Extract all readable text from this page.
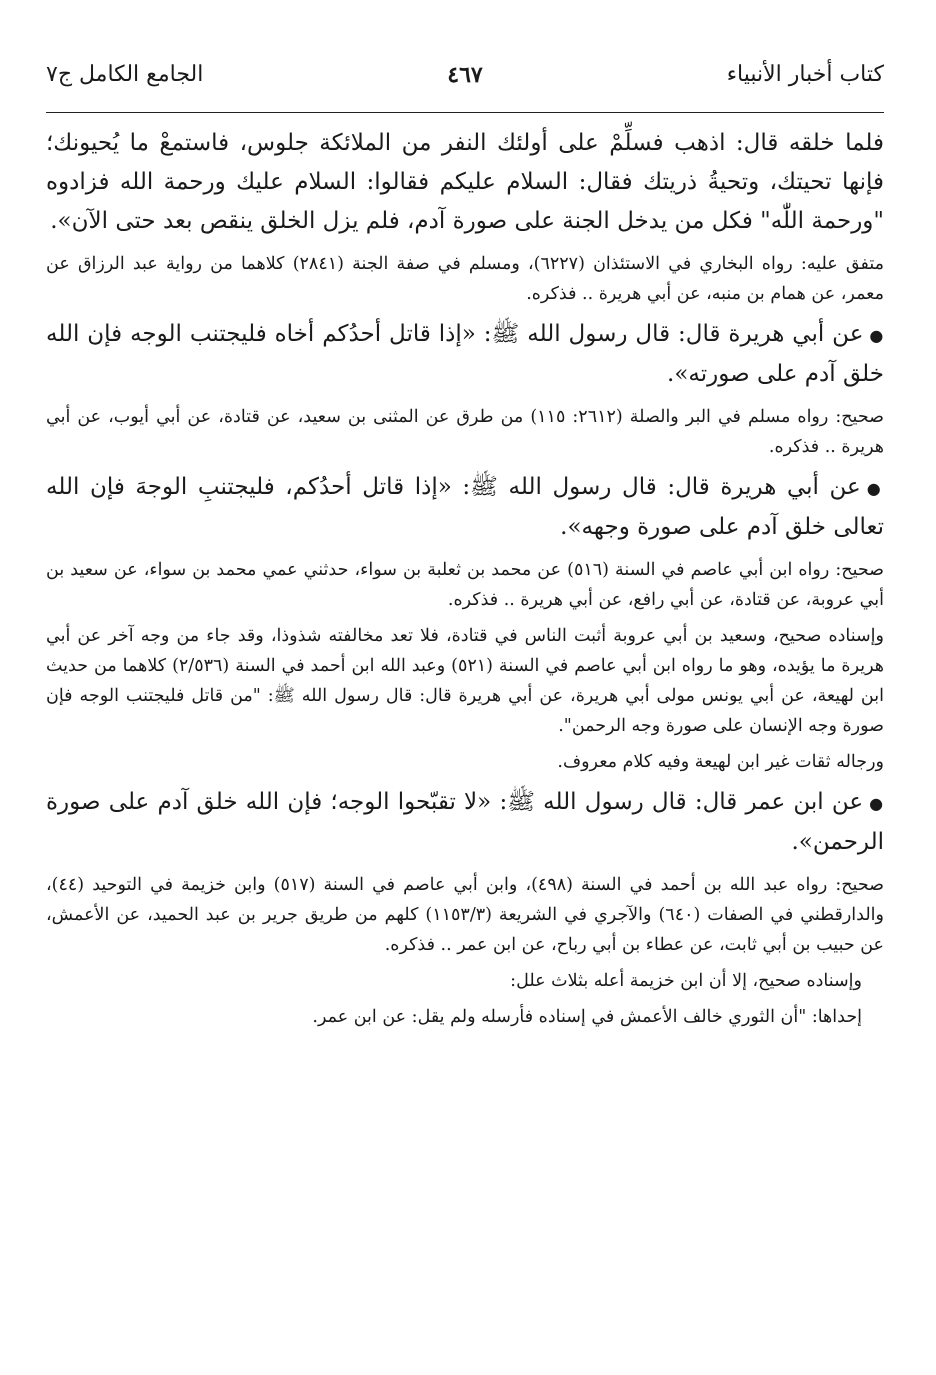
كتاب أخبار الأنبياء
٤٦٧
الجامع الكامل ج٧

فلما خلقه قال: اذهب فسلِّمْ على أولئك النفر من الملائكة جلوس، فاستمعْ ما يُحيونك؛ فإنها تحيتك، وتحيةُ ذريتك فقال: السلام عليكم فقالوا: السلام عليك ورحمة الله فزادوه "ورحمة اللّٰه" فكل من يدخل الجنة على صورة آدم، فلم يزل الخلق ينقص بعد حتى الآن».

متفق عليه: رواه البخاري في الاستئذان (٦٢٢٧)، ومسلم في صفة الجنة (٢٨٤١) كلاهما من رواية عبد الرزاق عن معمر، عن همام بن منبه، عن أبي هريرة .. فذكره.

●عن أبي هريرة قال: قال رسول الله ﷺ: «إذا قاتل أحدُكم أخاه فليجتنب الوجه فإن الله خلق آدم على صورته».

صحيح: رواه مسلم في البر والصلة (٢٦١٢: ١١٥) من طرق عن المثنى بن سعيد، عن قتادة، عن أبي أيوب، عن أبي هريرة .. فذكره.

●عن أبي هريرة قال: قال رسول الله ﷺ: «إذا قاتل أحدُكم، فليجتنبِ الوجهَ فإن الله تعالى خلق آدم على صورة وجهه».

صحيح: رواه ابن أبي عاصم في السنة (٥١٦) عن محمد بن ثعلبة بن سواء، حدثني عمي محمد بن سواء، عن سعيد بن أبي عروبة، عن قتادة، عن أبي رافع، عن أبي هريرة .. فذكره.

وإسناده صحيح، وسعيد بن أبي عروبة أثبت الناس في قتادة، فلا تعد مخالفته شذوذا، وقد جاء من وجه آخر عن أبي هريرة ما يؤيده، وهو ما رواه ابن أبي عاصم في السنة (٥٢١) وعبد الله ابن أحمد في السنة (٢/٥٣٦) كلاهما من حديث ابن لهيعة، عن أبي يونس مولى أبي هريرة، عن أبي هريرة قال: قال رسول الله ﷺ: "من قاتل فليجتنب الوجه فإن صورة وجه الإنسان على صورة وجه الرحمن".

ورجاله ثقات غير ابن لهيعة وفيه كلام معروف.

●عن ابن عمر قال: قال رسول الله ﷺ: «لا تقبّحوا الوجه؛ فإن الله خلق آدم على صورة الرحمن».

صحيح: رواه عبد الله بن أحمد في السنة (٤٩٨)، وابن أبي عاصم في السنة (٥١٧) وابن خزيمة في التوحيد (٤٤)، والدارقطني في الصفات (٦٤٠) والآجري في الشريعة (١١٥٣/٣) كلهم من طريق جرير بن عبد الحميد، عن الأعمش، عن حبيب بن أبي ثابت، عن عطاء بن أبي رباح، عن ابن عمر .. فذكره.

وإسناده صحيح، إلا أن ابن خزيمة أعله بثلاث علل:

إحداها: "أن الثوري خالف الأعمش في إسناده فأرسله ولم يقل: عن ابن عمر.
